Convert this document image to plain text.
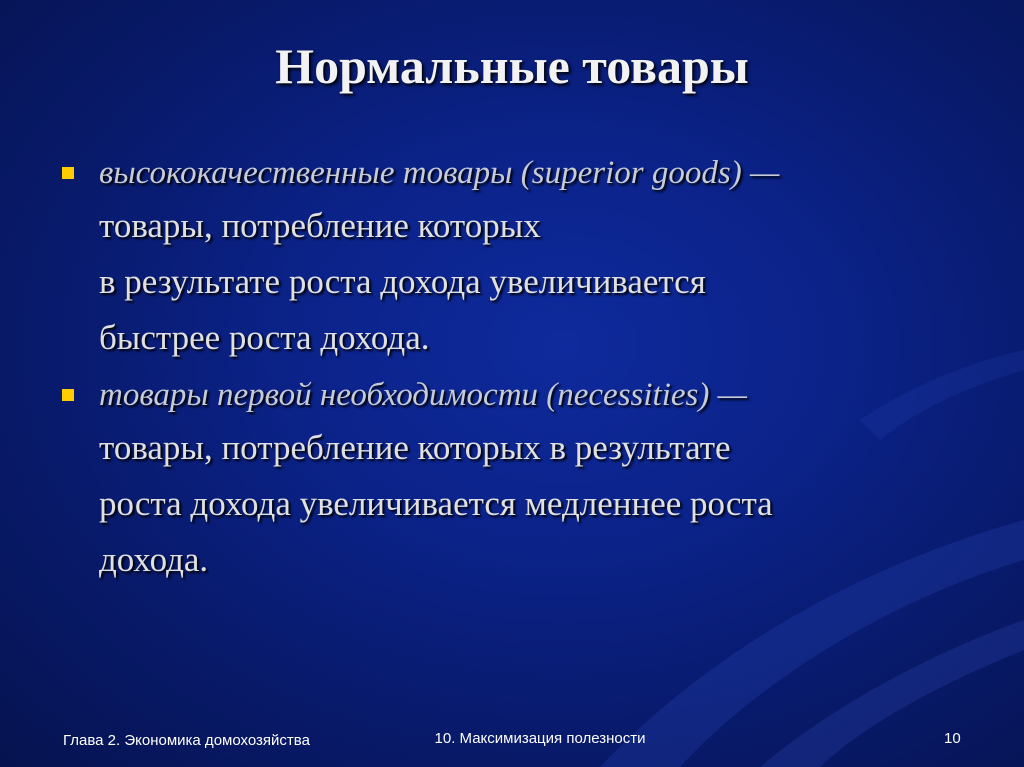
Нормальные товары
высококачественные товары (superior goods) —
товары, потребление которых
в результате роста дохода увеличивается
быстрее роста дохода.
товары первой необходимости (necessities) —
товары, потребление которых в результате
роста дохода увеличивается медленнее роста
дохода.
Глава 2. Экономика домохозяйства	10. Максимизация полезности	10
